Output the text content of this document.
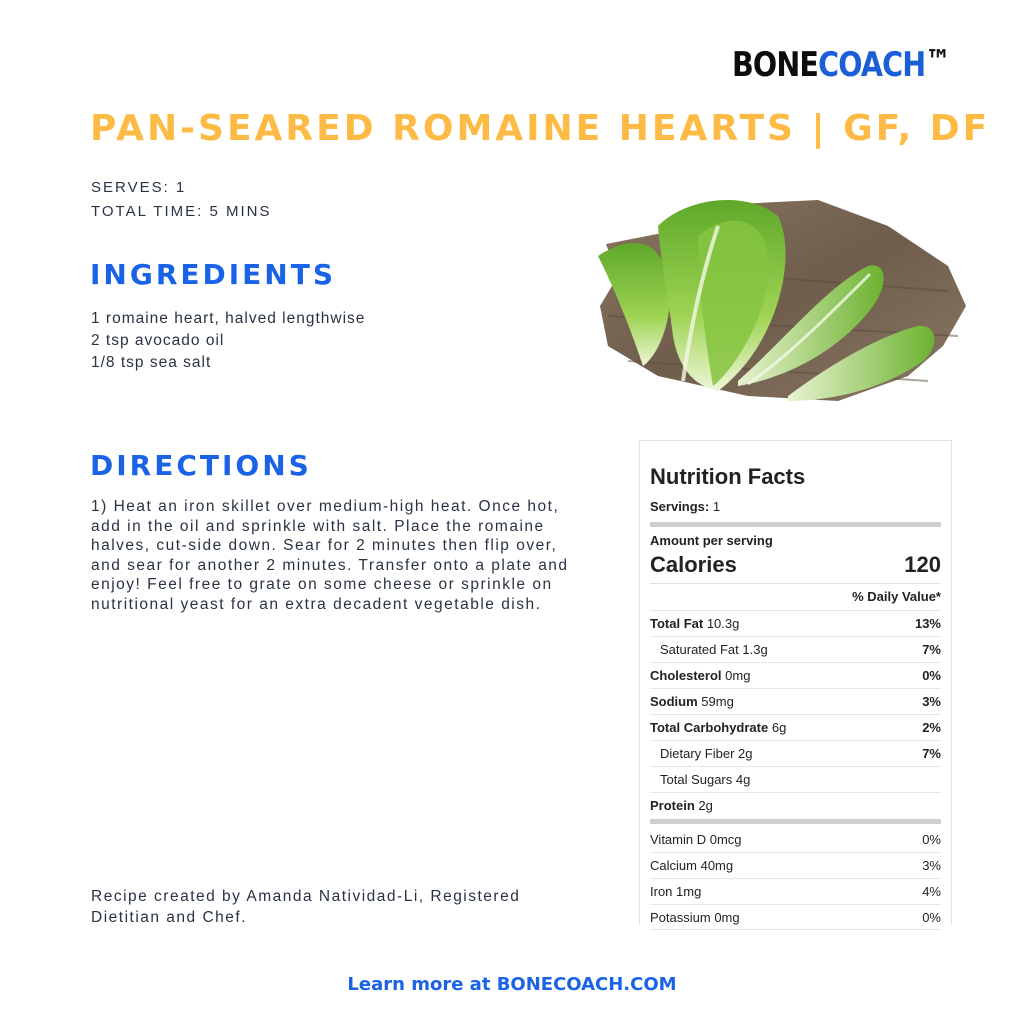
BONECOACH™
PAN-SEARED ROMAINE HEARTS | GF, DF
SERVES: 1
TOTAL TIME: 5 MINS
INGREDIENTS
1 romaine heart, halved lengthwise
2 tsp avocado oil
1/8 tsp sea salt
DIRECTIONS

1) Heat an iron skillet over medium-high heat. Once hot, add in the oil and sprinkle with salt. Place the romaine halves, cut-side down. Sear for 2 minutes then flip over, and sear for another 2 minutes. Transfer onto a plate and enjoy! Feel free to grate on some cheese or sprinkle on nutritional yeast for an extra decadent vegetable dish.

Recipe created by Amanda Natividad-Li, Registered Dietitian and Chef.

Nutrition Facts
Servings: 1
Amount per serving
Calories	120
% Daily Value*
Total Fat 10.3g	13%
Saturated Fat 1.3g	7%
Cholesterol 0mg	0%
Sodium 59mg	3%
Total Carbohydrate 6g	2%
Dietary Fiber 2g	7%
Total Sugars 4g
Protein 2g
Vitamin D 0mcg	0%
Calcium 40mg	3%
Iron 1mg	4%
Potassium 0mg	0%
Learn more at BONECOACH.COM
